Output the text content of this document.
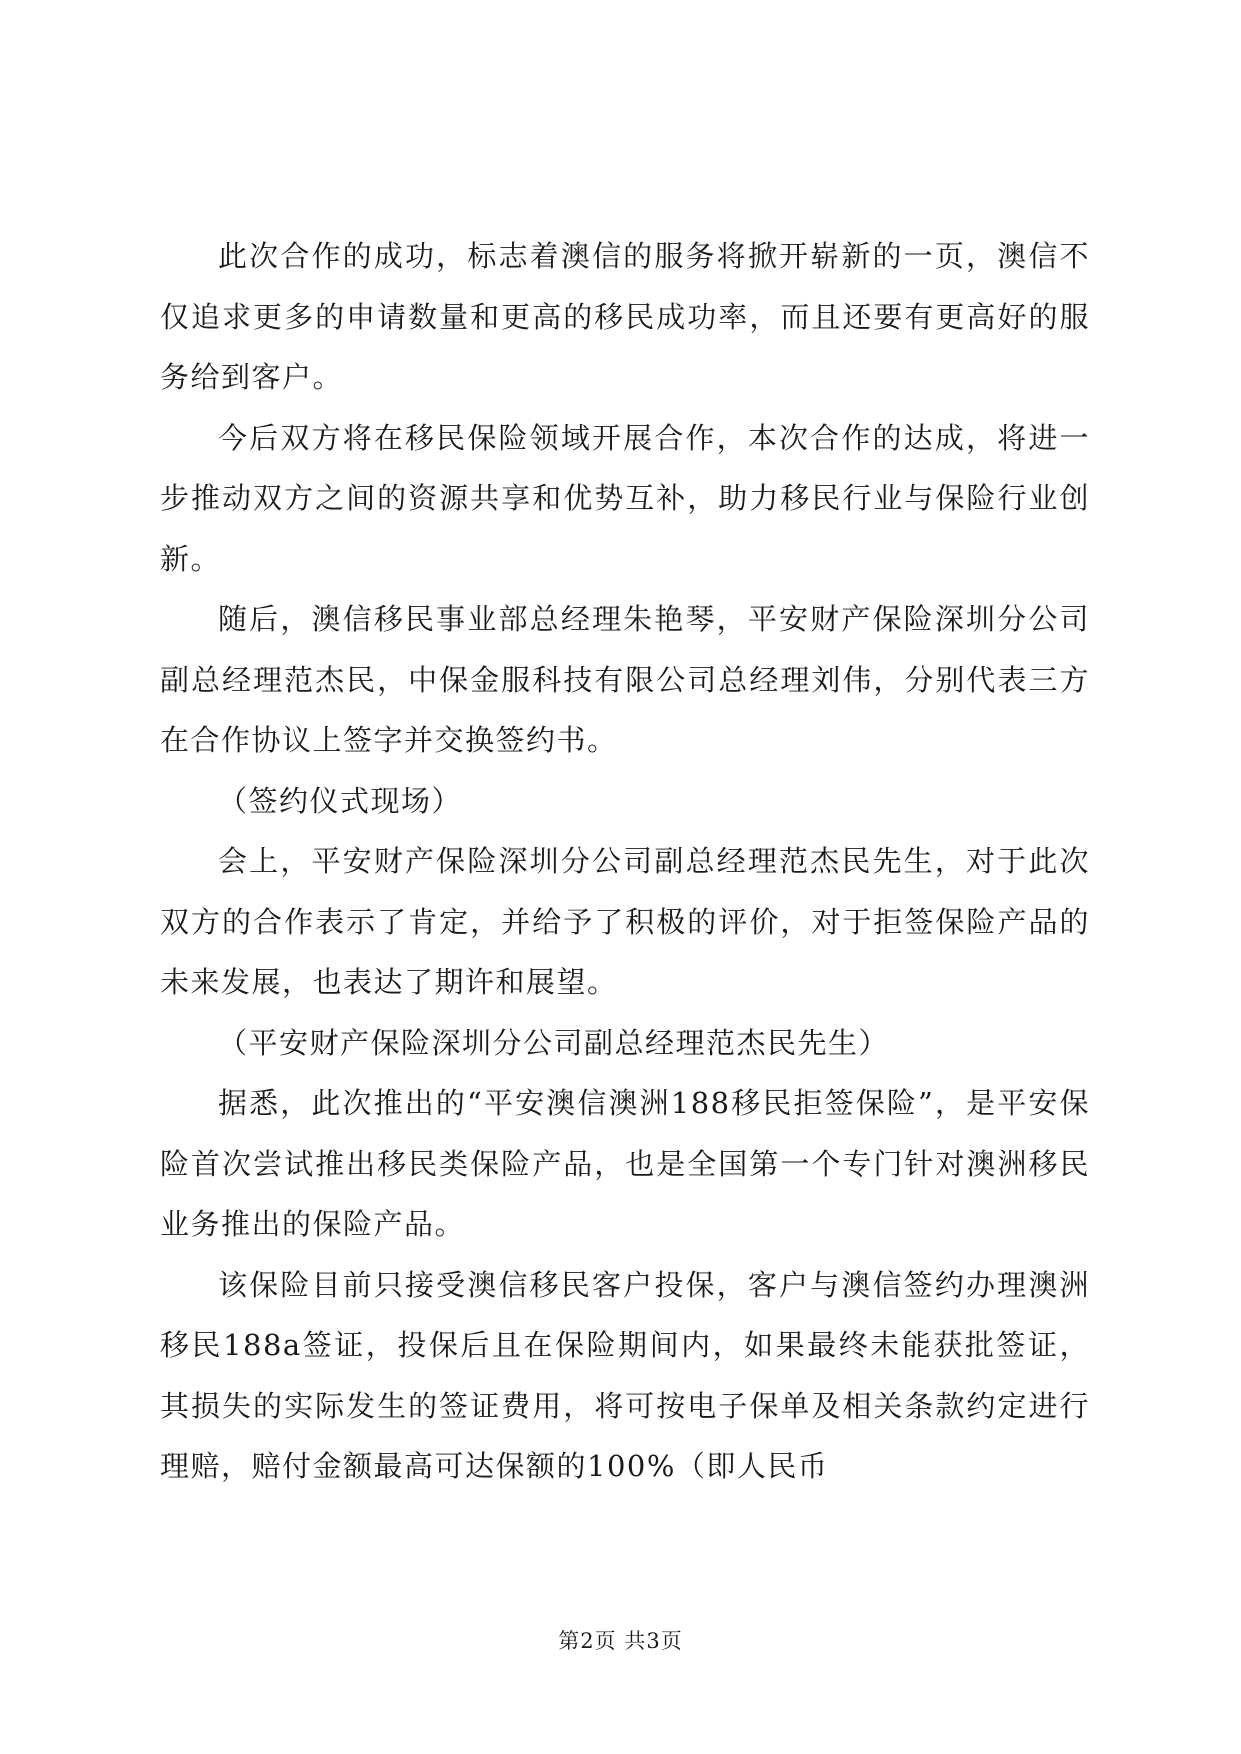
此次合作的成功，标志着澳信的服务将掀开崭新的一页，澳信不仅追求更多的申请数量和更高的移民成功率，而且还要有更高好的服务给到客户。

今后双方将在移民保险领域开展合作，本次合作的达成，将进一步推动双方之间的资源共享和优势互补，助力移民行业与保险行业创新。

随后，澳信移民事业部总经理朱艳琴，平安财产保险深圳分公司副总经理范杰民，中保金服科技有限公司总经理刘伟，分别代表三方在合作协议上签字并交换签约书。

（签约仪式现场）

会上，平安财产保险深圳分公司副总经理范杰民先生，对于此次双方的合作表示了肯定，并给予了积极的评价，对于拒签保险产品的未来发展，也表达了期许和展望。

（平安财产保险深圳分公司副总经理范杰民先生）

据悉，此次推出的“平安澳信澳洲188移民拒签保险”，是平安保险首次尝试推出移民类保险产品，也是全国第一个专门针对澳洲移民业务推出的保险产品。

该保险目前只接受澳信移民客户投保，客户与澳信签约办理澳洲移民188a签证，投保后且在保险期间内，如果最终未能获批签证，其损失的实际发生的签证费用，将可按电子保单及相关条款约定进行理赔，赔付金额最高可达保额的100%（即人民币

第2页 共3页
